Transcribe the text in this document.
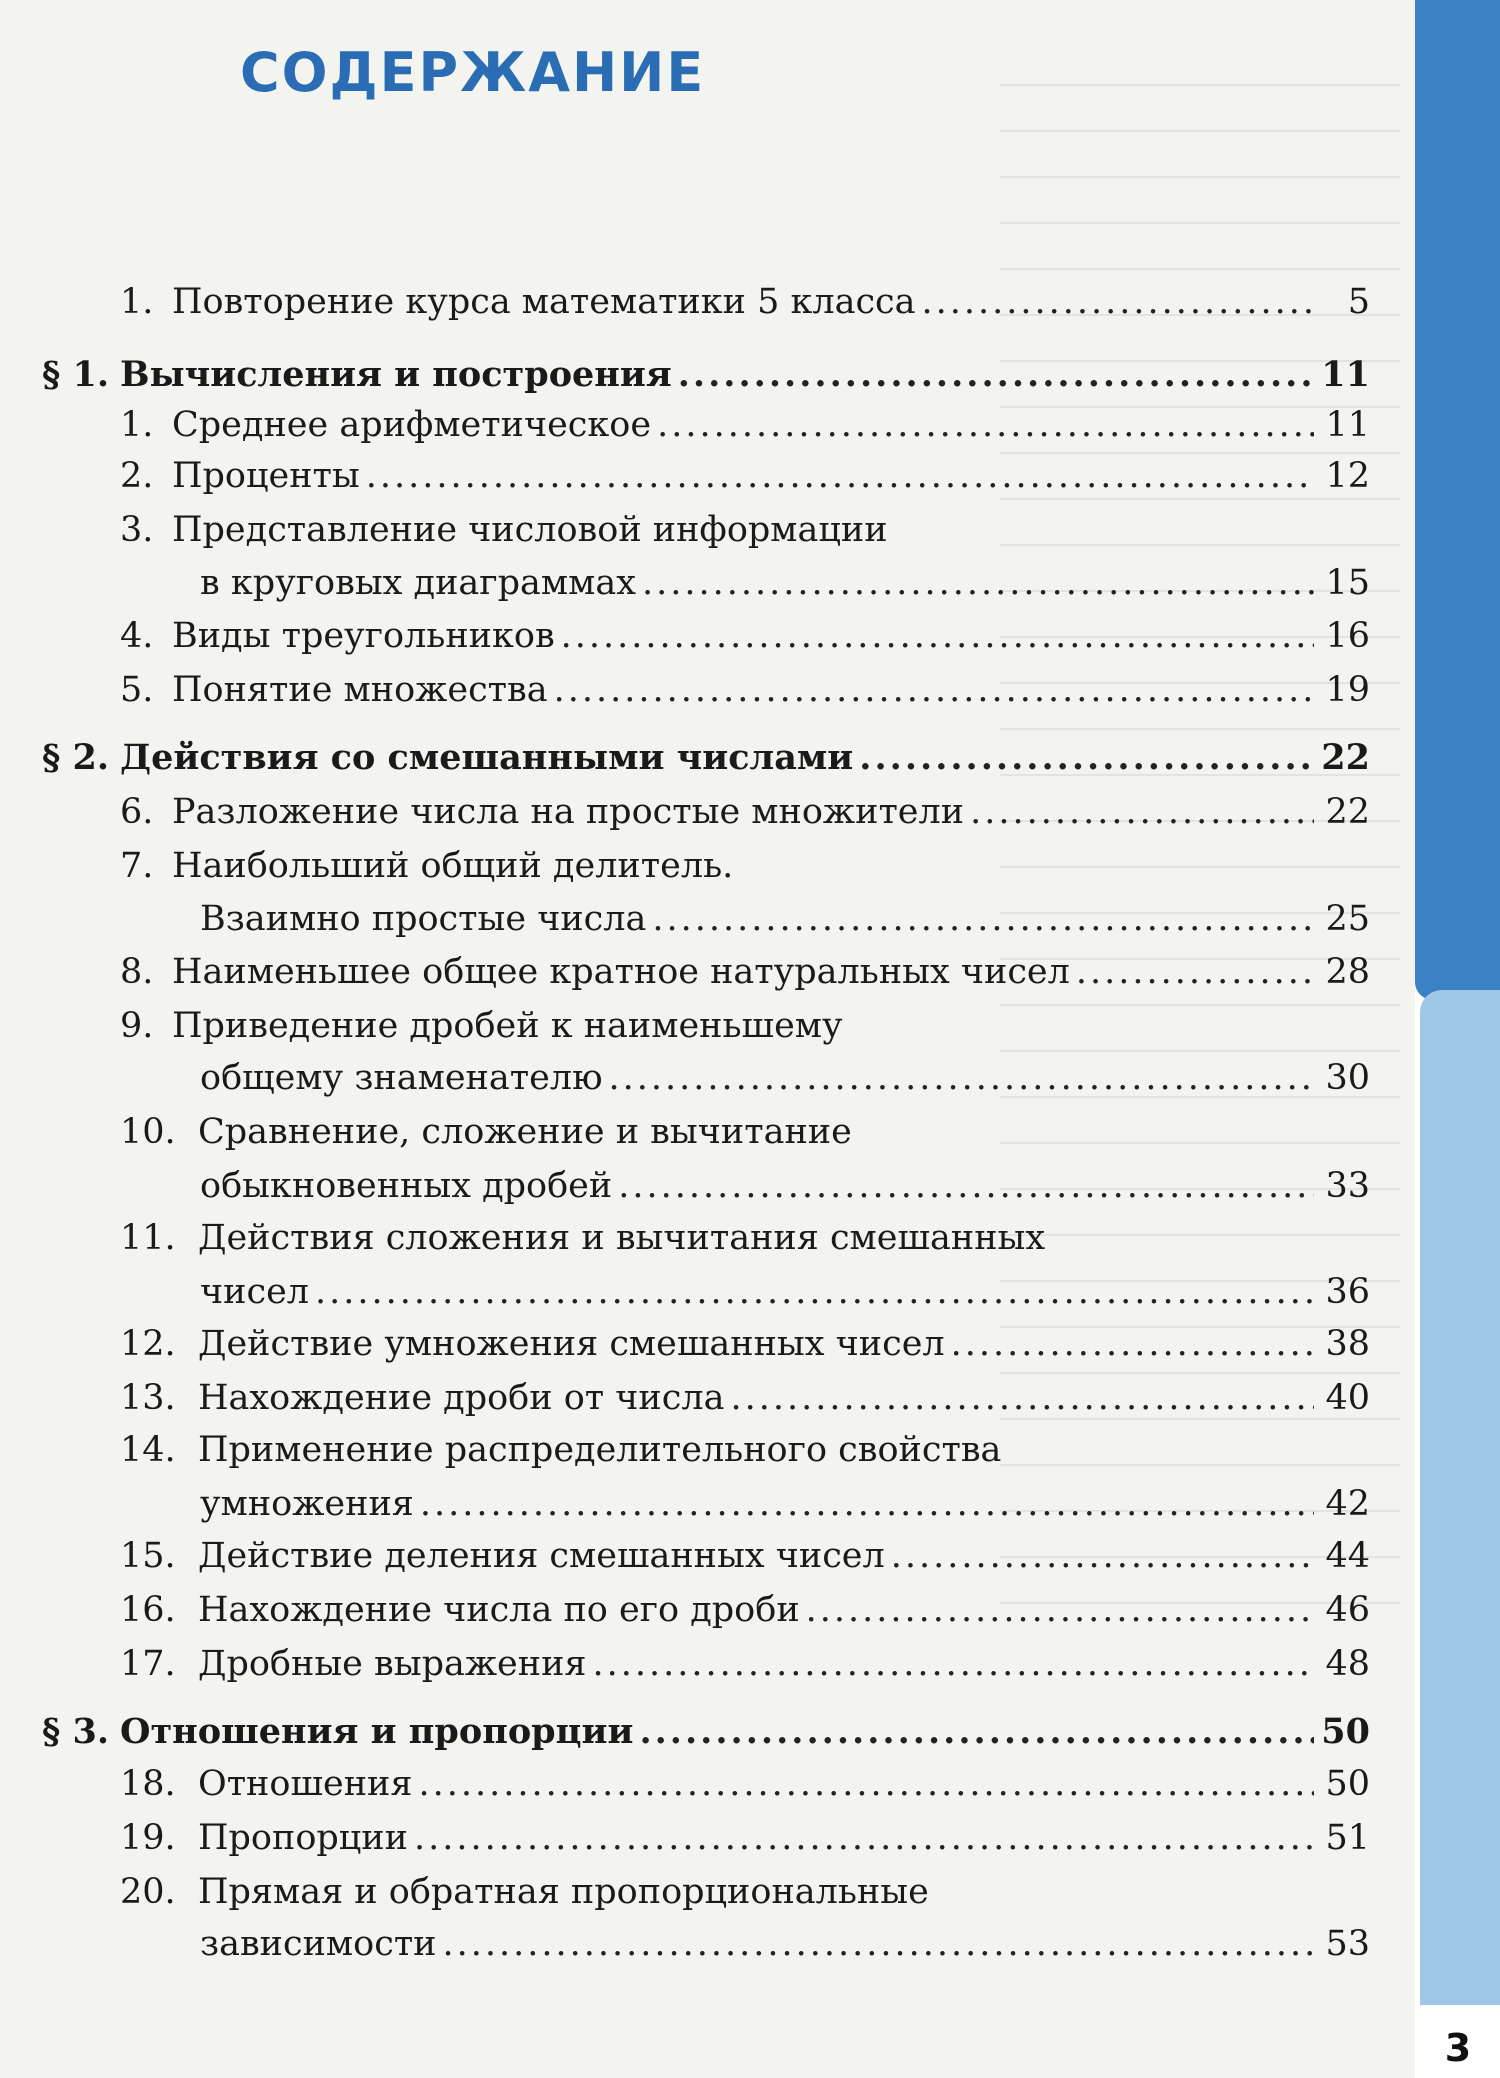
СОДЕРЖАНИЕ
1. Повторение курса математики 5 класса .....	5
§ 1. Вычисления и построения .....	11
1. Среднее арифметическое .....	11
2. Проценты .....	12
3. Представление числовой информации
в круговых диаграммах .....	15
4. Виды треугольников .....	16
5. Понятие множества .....	19
§ 2. Действия со смешанными числами .....	22
6. Разложение числа на простые множители .....	22
7. Наибольший общий делитель.
Взаимно простые числа .....	25
8. Наименьшее общее кратное натуральных чисел .....	28
9. Приведение дробей к наименьшему
общему знаменателю .....	30
10. Сравнение, сложение и вычитание
обыкновенных дробей .....	33
11. Действия сложения и вычитания смешанных
чисел .....	36
12. Действие умножения смешанных чисел .....	38
13. Нахождение дроби от числа .....	40
14. Применение распределительного свойства
умножения .....	42
15. Действие деления смешанных чисел .....	44
16. Нахождение числа по его дроби .....	46
17. Дробные выражения .....	48
§ 3. Отношения и пропорции .....	50
18. Отношения .....	50
19. Пропорции .....	51
20. Прямая и обратная пропорциональные
зависимости .....	53
3
